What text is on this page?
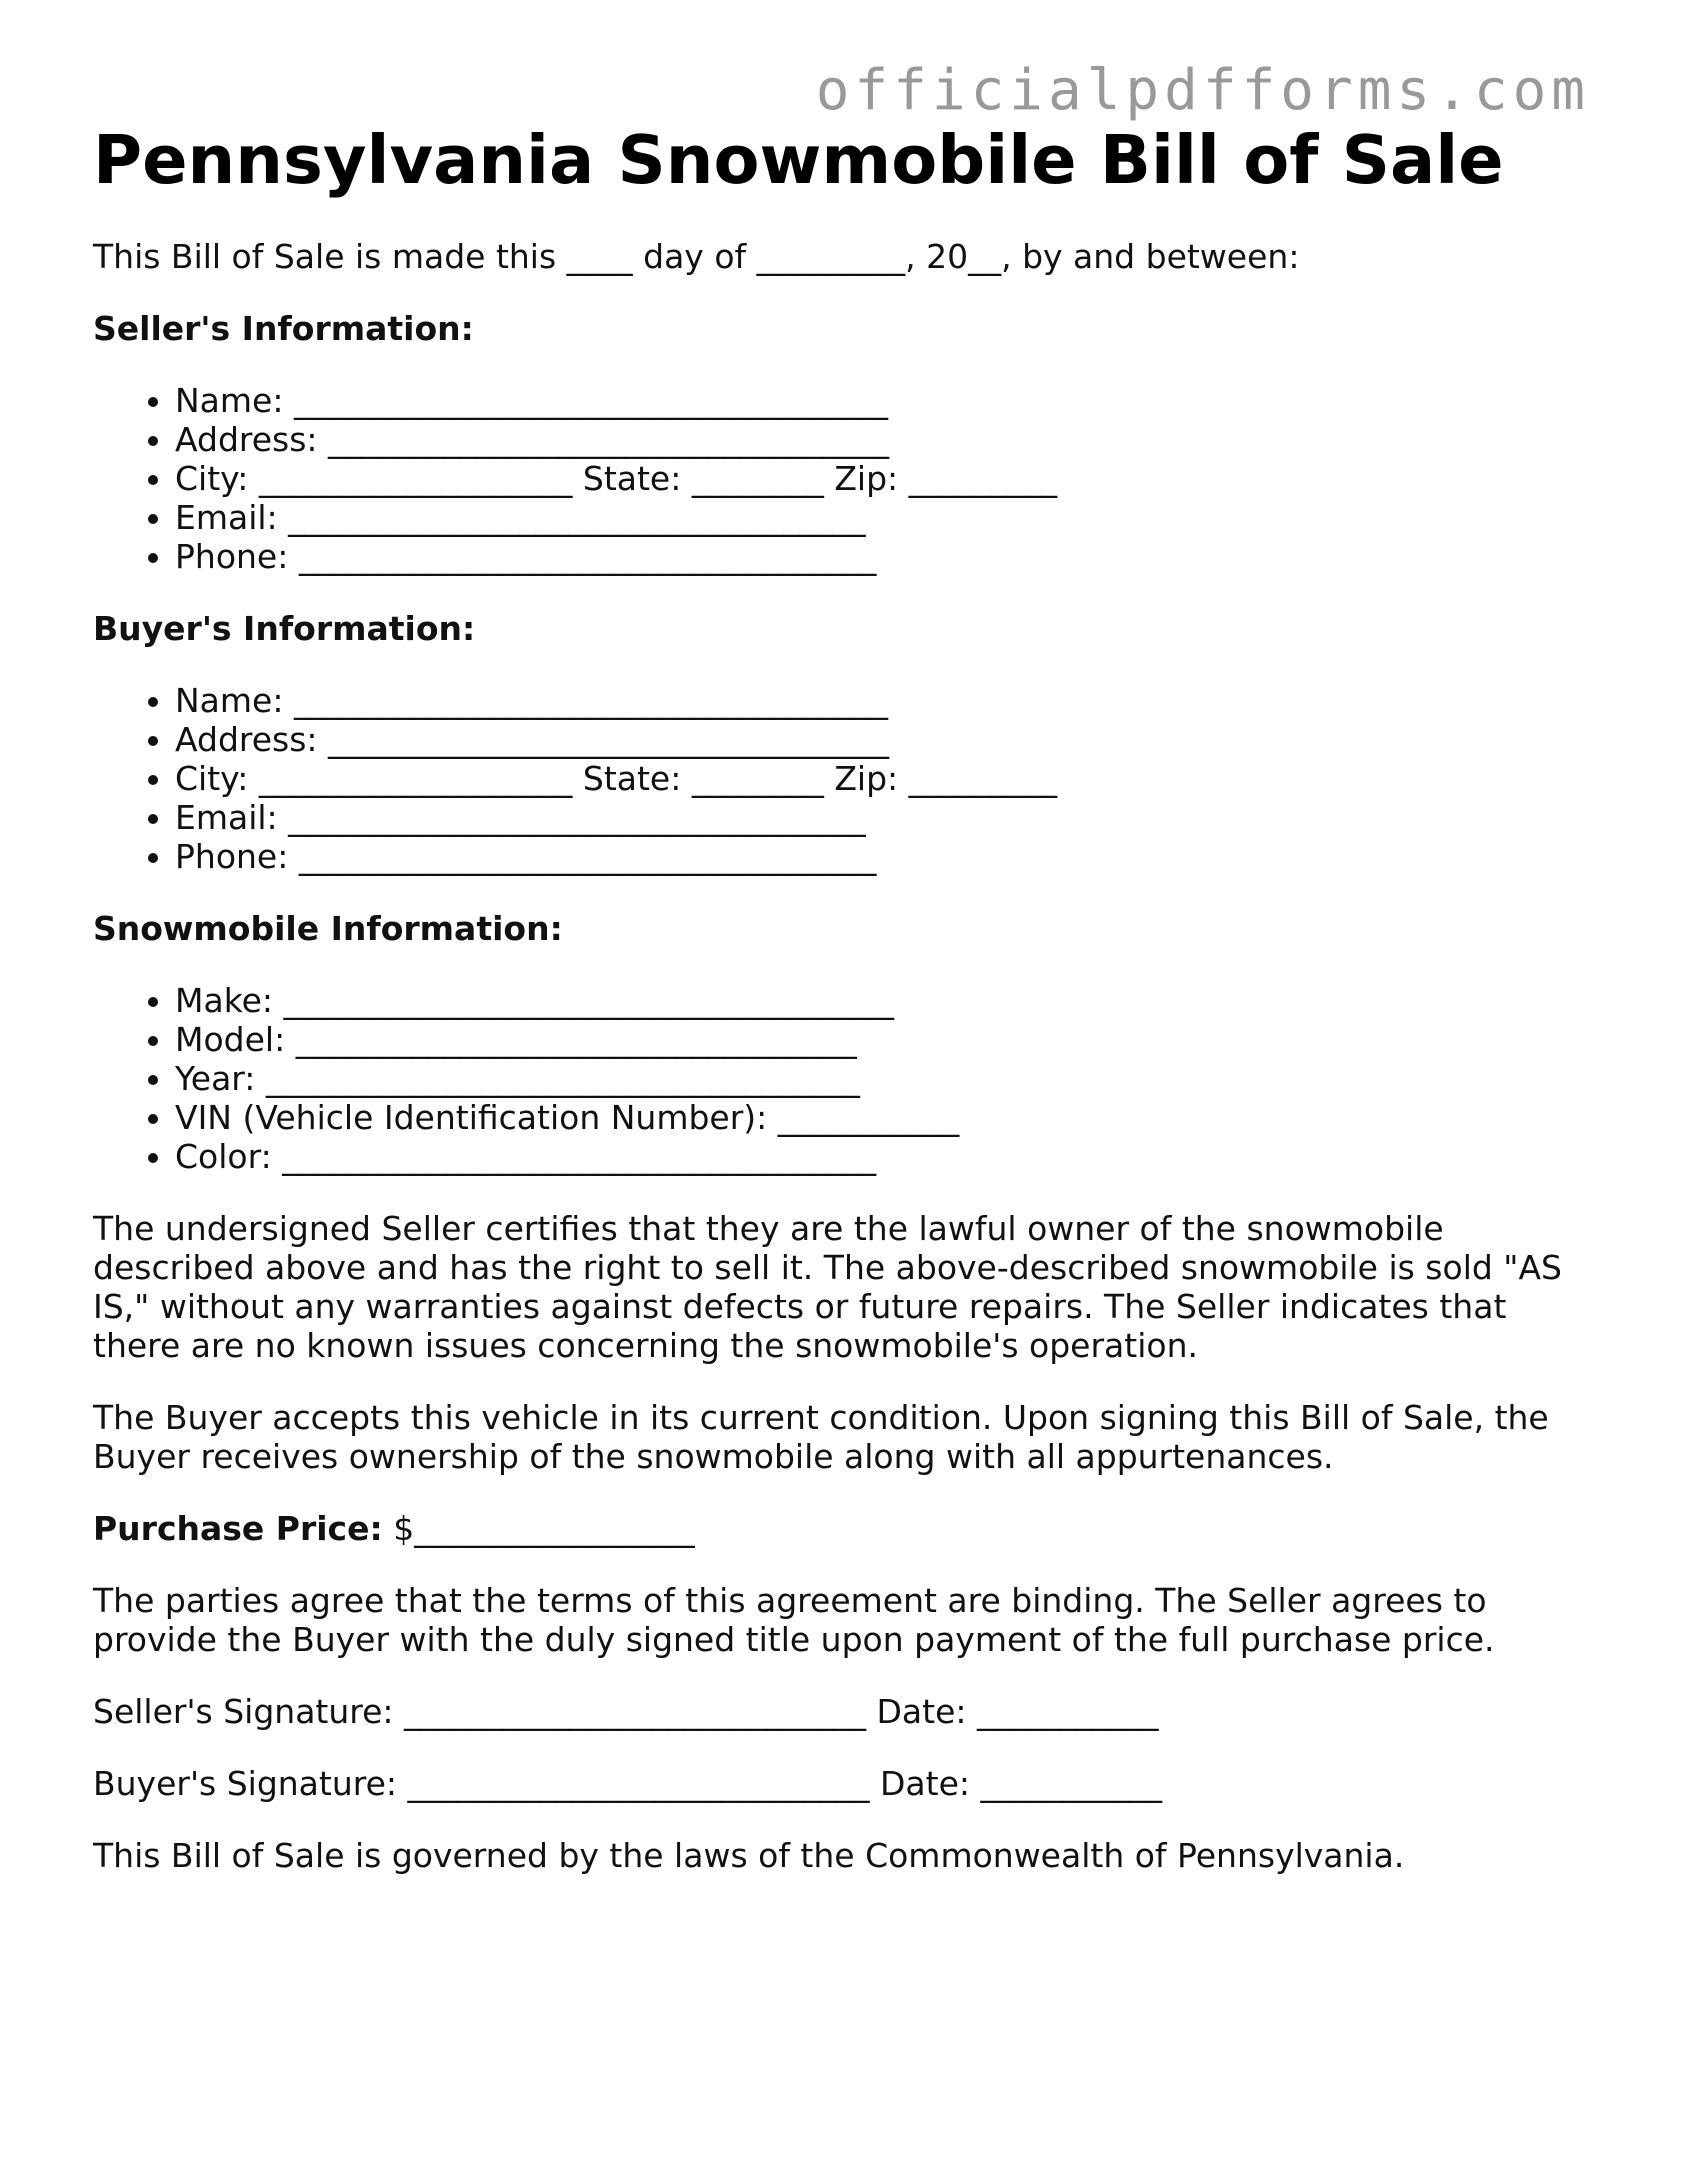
officialpdfforms.com
Pennsylvania Snowmobile Bill of Sale

This Bill of Sale is made this ____ day of _________, 20__, by and between:

Seller's Information:
• Name: ____________________________________
• Address: __________________________________
• City: ___________________ State: ________ Zip: _________
• Email: ___________________________________
• Phone: ___________________________________
Buyer's Information:
• Name: ____________________________________
• Address: __________________________________
• City: ___________________ State: ________ Zip: _________
• Email: ___________________________________
• Phone: ___________________________________
Snowmobile Information:
• Make: _____________________________________
• Model: __________________________________
• Year: ____________________________________
• VIN (Vehicle Identification Number): ___________
• Color: ____________________________________

The undersigned Seller certifies that they are the lawful owner of the snowmobile described above and has the right to sell it. The above-described snowmobile is sold "AS IS," without any warranties against defects or future repairs. The Seller indicates that there are no known issues concerning the snowmobile's operation.

The Buyer accepts this vehicle in its current condition. Upon signing this Bill of Sale, the Buyer receives ownership of the snowmobile along with all appurtenances.

Purchase Price: $_________________

The parties agree that the terms of this agreement are binding. The Seller agrees to provide the Buyer with the duly signed title upon payment of the full purchase price.

Seller's Signature: ____________________________ Date: ___________

Buyer's Signature: ____________________________ Date: ___________

This Bill of Sale is governed by the laws of the Commonwealth of Pennsylvania.
